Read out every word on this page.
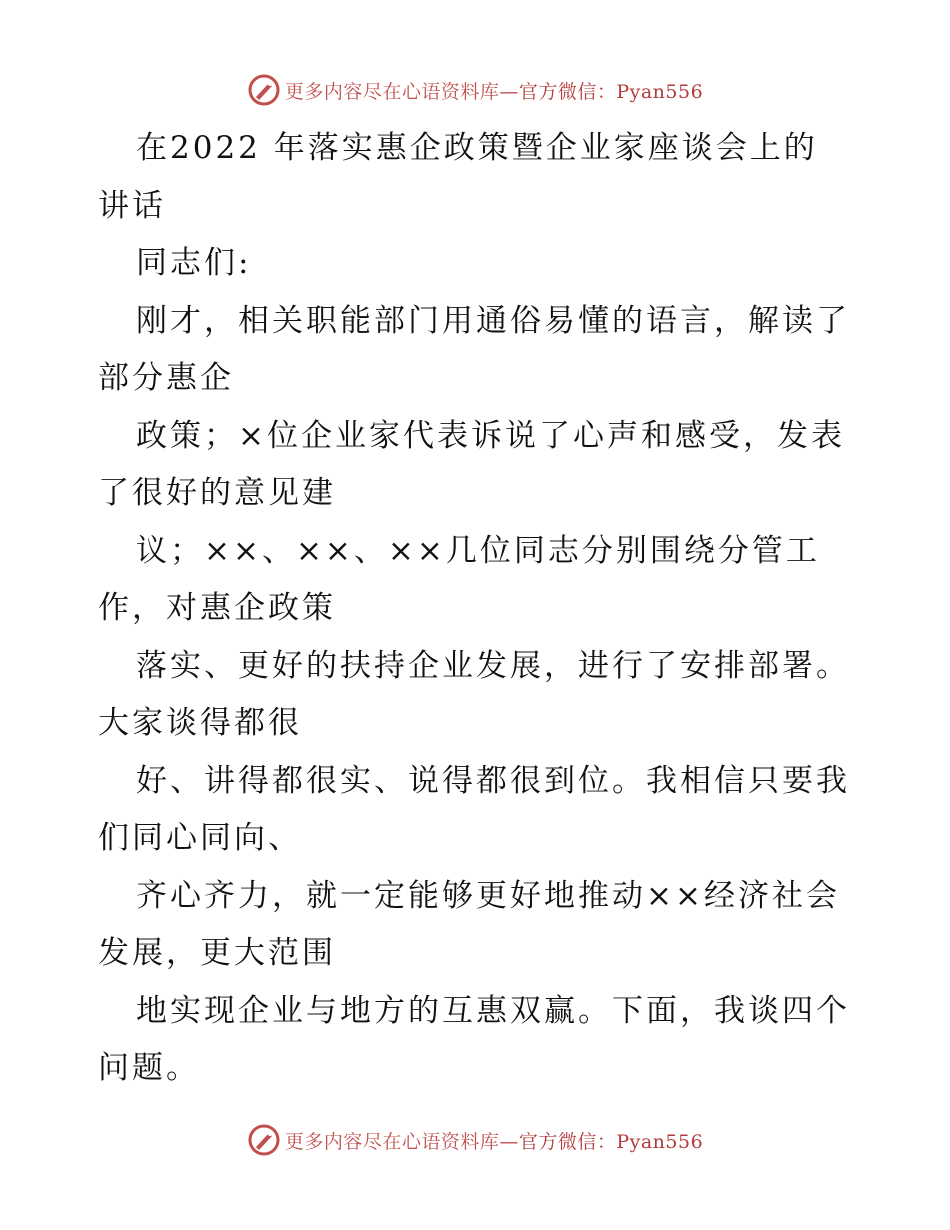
更多内容尽在心语资料库—官方微信：Pyan556

在2022 年落实惠企政策暨企业家座谈会上的
讲话

同志们:

刚才，相关职能部门用通俗易懂的语言，解读了
部分惠企

政策；×位企业家代表诉说了心声和感受，发表
了很好的意见建

议；××、××、××几位同志分别围绕分管工
作，对惠企政策

落实、更好的扶持企业发展，进行了安排部署。
大家谈得都很

好、讲得都很实、说得都很到位。我相信只要我
们同心同向、

齐心齐力，就一定能够更好地推动××经济社会
发展，更大范围

地实现企业与地方的互惠双赢。下面，我谈四个
问题。

更多内容尽在心语资料库—官方微信：Pyan556
